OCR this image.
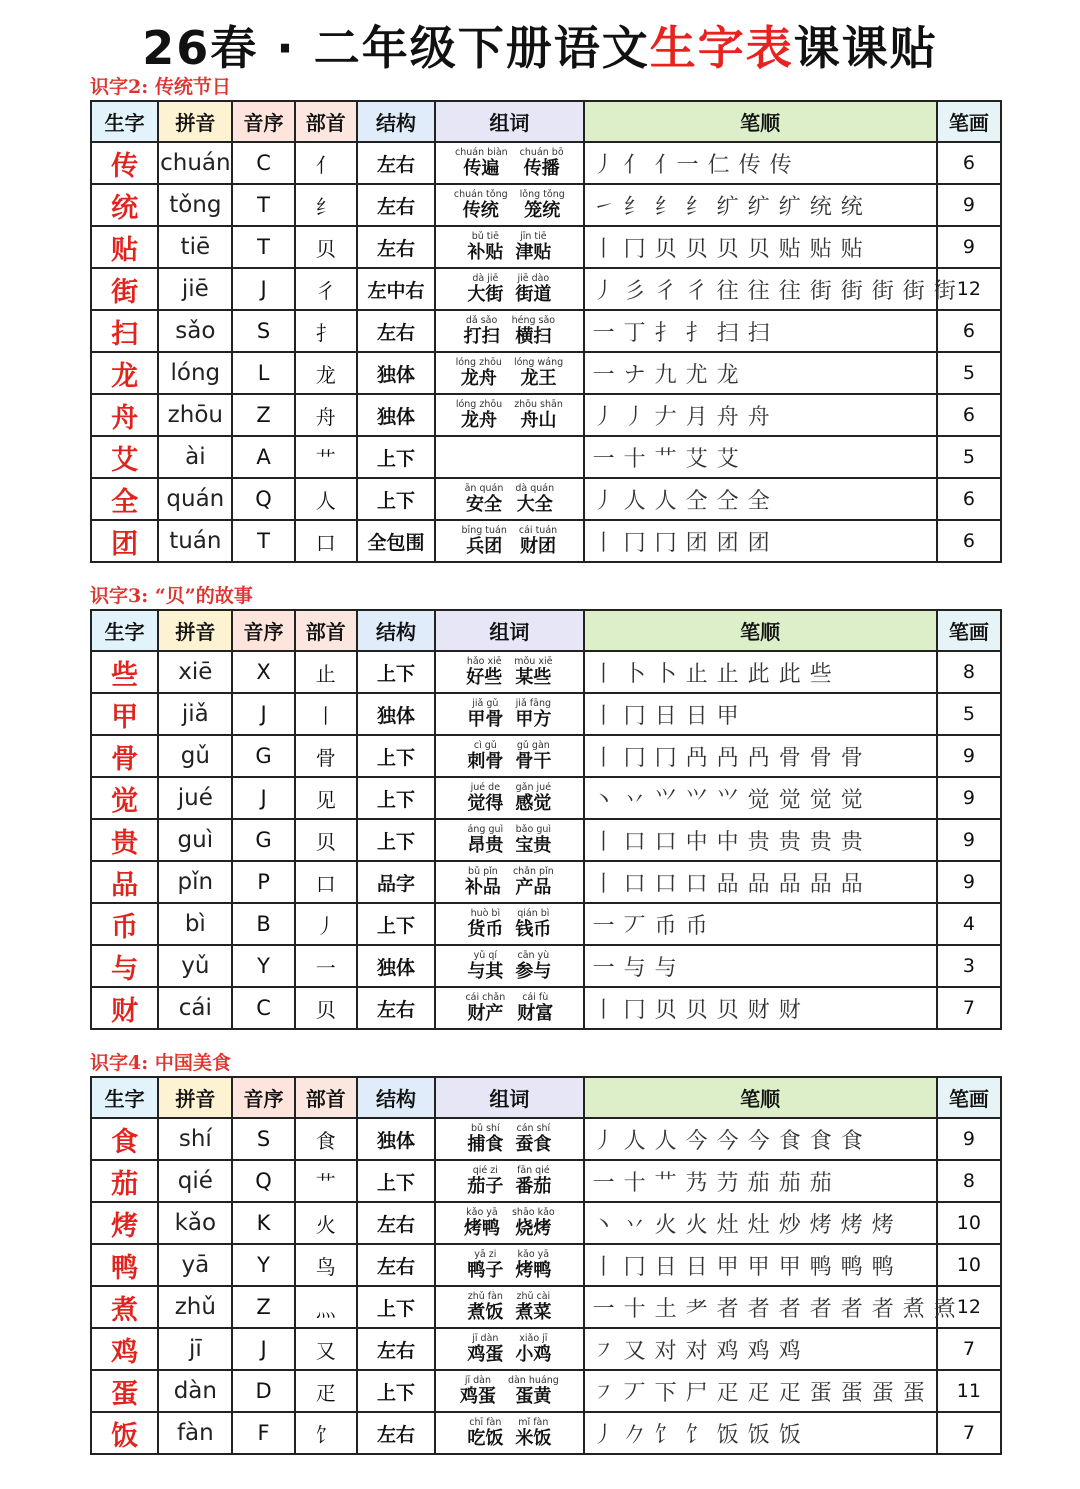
26春 · 二年级下册语文生字表课课贴
识字2: 传统节日
生字	拼音	音序	部首	结构	组词	笔顺	笔画
传	chuán	C	亻	左右	chuán biàn
传遍
chuán bō
传播	丿 亻 亻一 仁 传 传	6
统	tǒng	T	纟	左右	chuán tǒng
传统
lǒng tǒng
笼统	㇀ 纟 纟 纟 纩 纩 纩 统 统	9
贴	tiē	T	贝	左右	bǔ tiē
补贴
jīn tiē
津贴	丨 冂 贝 贝 贝 贝 贴 贴 贴	9
街	jiē	J	彳	左中右	dà jiē
大街
jiē dào
街道	丿 彡 彳 彳 往 往 往 街 街 街 街 街	12
扫	sǎo	S	扌	左右	dǎ sǎo
打扫
héng sǎo
横扫	一 丁 扌 扌 扫 扫	6
龙	lóng	L	龙	独体	lóng zhōu
龙舟
lóng wáng
龙王	一 ナ 九 尤 龙	5
舟	zhōu	Z	舟	独体	lóng zhōu
龙舟
zhōu shān
舟山	丿 丿 𠂇 月 舟 舟	6
艾	ài	A	艹	上下		一 十 艹 艾 艾	5
全	quán	Q	人	上下	ān quán
安全
dà quán
大全	丿 人 人 仝 仝 全	6
团	tuán	T	口	全包围	bīng tuán
兵团
cái tuán
财团	丨 冂 冂 团 团 团	6
识字3: “贝”的故事
生字	拼音	音序	部首	结构	组词	笔顺	笔画
些	xiē	X	止	上下	hǎo xiē
好些
mǒu xiē
某些	丨 卜 卜 止 止 此 此 些	8
甲	jiǎ	J	丨	独体	jiǎ gǔ
甲骨
jiǎ fāng
甲方	丨 冂 日 日 甲	5
骨	gǔ	G	骨	上下	cì gǔ
刺骨
gǔ gàn
骨干	丨 冂 冂 冎 冎 冎 骨 骨 骨	9
觉	jué	J	见	上下	jué de
觉得
gǎn jué
感觉	丶 丷 ⺍ ⺍ ⺍ 觉 觉 觉 觉	9
贵	guì	G	贝	上下	áng guì
昂贵
bǎo guì
宝贵	丨 口 口 中 中 贵 贵 贵 贵	9
品	pǐn	P	口	品字	bǔ pǐn
补品
chǎn pǐn
产品	丨 口 口 口 品 品 品 品 品	9
币	bì	B	丿	上下	huò bì
货币
qián bì
钱币	一 丆 币 币	4
与	yǔ	Y	一	独体	yǔ qí
与其
cān yù
参与	一 与 与	3
财	cái	C	贝	左右	cái chǎn
财产
cái fù
财富	丨 冂 贝 贝 贝 财 财	7
识字4: 中国美食
生字	拼音	音序	部首	结构	组词	笔顺	笔画
食	shí	S	食	独体	bǔ shí
捕食
cán shí
蚕食	丿 人 人 今 今 今 食 食 食	9
茄	qié	Q	艹	上下	qié zi
茄子
fān qié
番茄	一 十 艹 艿 芀 茄 茄 茄	8
烤	kǎo	K	火	左右	kǎo yā
烤鸭
shāo kǎo
烧烤	丶 丷 火 火 灶 灶 炒 烤 烤 烤	10
鸭	yā	Y	鸟	左右	yā zi
鸭子
kǎo yā
烤鸭	丨 冂 日 日 甲 甲 甲 鸭 鸭 鸭	10
煮	zhǔ	Z	灬	上下	zhǔ fàn
煮饭
zhǔ cài
煮菜	一 十 土 耂 者 者 者 者 者 者 煮 煮	12
鸡	jī	J	又	左右	jī dàn
鸡蛋
xiǎo jī
小鸡	㇇ 又 对 对 鸡 鸡 鸡	7
蛋	dàn	D	疋	上下	jī dàn
鸡蛋
dàn huáng
蛋黄	㇇ 丆 下 尸 疋 疋 疋 蛋 蛋 蛋 蛋	11
饭	fàn	F	饣	左右	chī fàn
吃饭
mǐ fàn
米饭	丿 𠂊 饣 饣 饭 饭 饭	7
